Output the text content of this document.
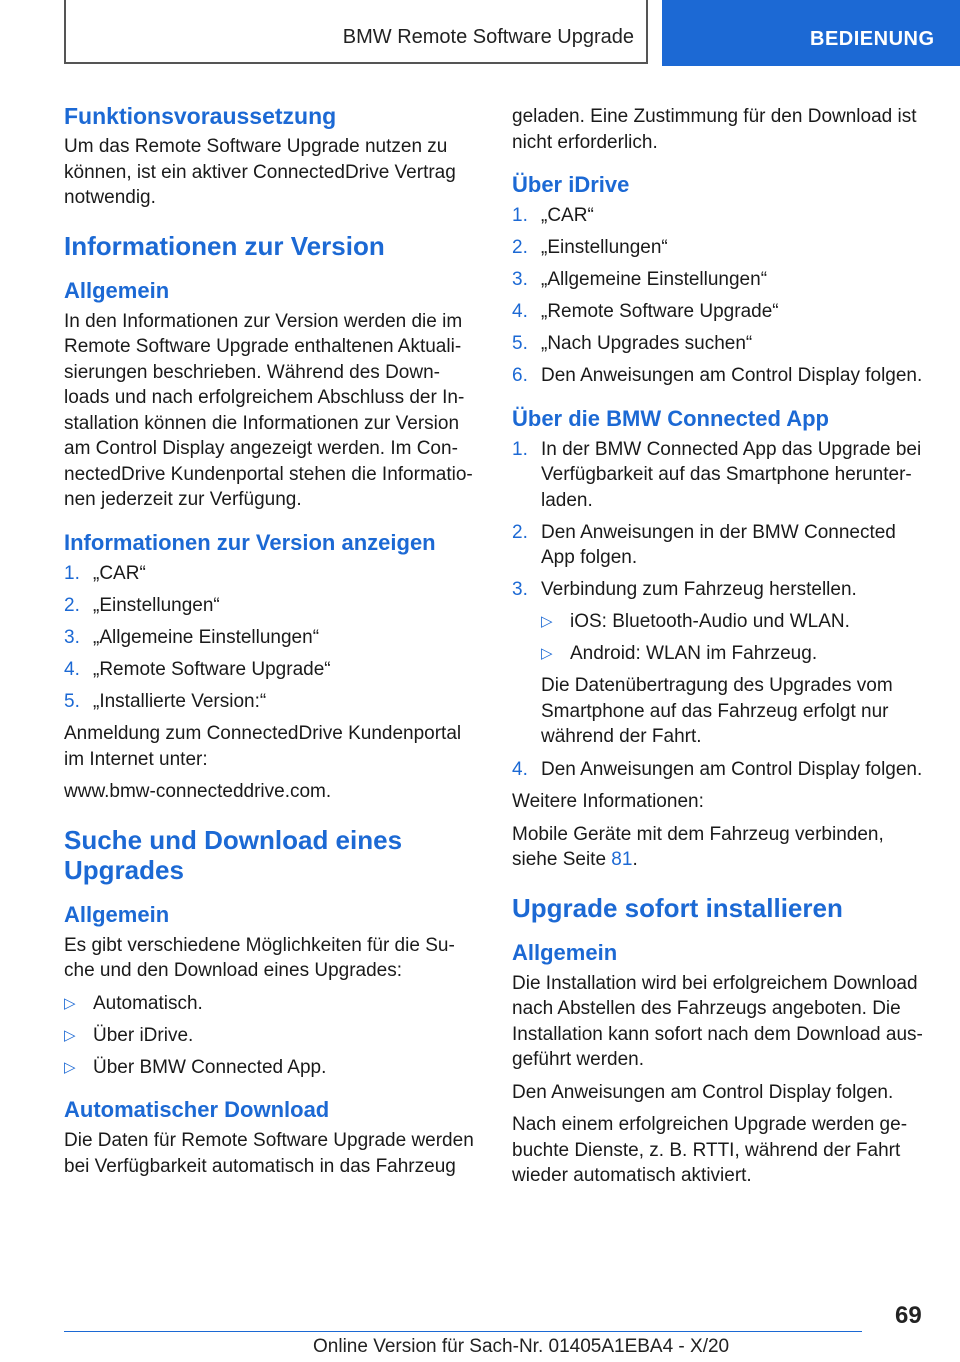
BMW Remote Software Upgrade	BEDIENUNG
Funktionsvoraussetzung

Um das Remote Software Upgrade nutzen zu können, ist ein aktiver ConnectedDrive Vertrag notwendig.

Informationen zur Version
Allgemein

In den Informationen zur Version werden die im Remote Software Upgrade enthaltenen Aktualisierungen beschrieben. Während des Downloads und nach erfolgreichem Abschluss der Installation können die Informationen zur Version am Control Display angezeigt werden. Im ConnectedDrive Kundenportal stehen die Informationen jederzeit zur Verfügung.

Informationen zur Version anzeigen
1. „CAR“
2. „Einstellungen“
3. „Allgemeine Einstellungen“
4. „Remote Software Upgrade“
5. „Installierte Version:“

Anmeldung zum ConnectedDrive Kundenportal im Internet unter:

www.bmw-connecteddrive.com.

Suche und Download eines Upgrades
Allgemein

Es gibt verschiedene Möglichkeiten für die Suche und den Download eines Upgrades:

▷ Automatisch.
▷ Über iDrive.
▷ Über BMW Connected App.
Automatischer Download

Die Daten für Remote Software Upgrade werden bei Verfügbarkeit automatisch in das Fahrzeug

geladen. Eine Zustimmung für den Download ist nicht erforderlich.

Über iDrive
1. „CAR“
2. „Einstellungen“
3. „Allgemeine Einstellungen“
4. „Remote Software Upgrade“
5. „Nach Upgrades suchen“
6. Den Anweisungen am Control Display folgen.
Über die BMW Connected App
1. In der BMW Connected App das Upgrade bei Verfügbarkeit auf das Smartphone herunterladen.
2. Den Anweisungen in der BMW Connected App folgen.
3. Verbindung zum Fahrzeug herstellen.
▷ iOS: Bluetooth-Audio und WLAN.
▷ Android: WLAN im Fahrzeug.

Die Datenübertragung des Upgrades vom Smartphone auf das Fahrzeug erfolgt nur während der Fahrt.

4. Den Anweisungen am Control Display folgen.

Weitere Informationen:

Mobile Geräte mit dem Fahrzeug verbinden, siehe Seite 81.

Upgrade sofort installieren
Allgemein

Die Installation wird bei erfolgreichem Download nach Abstellen des Fahrzeugs angeboten. Die Installation kann sofort nach dem Download ausgeführt werden.

Den Anweisungen am Control Display folgen.

Nach einem erfolgreichen Upgrade werden gebuchte Dienste, z. B. RTTI, während der Fahrt wieder automatisch aktiviert.

69
Online Version für Sach-Nr. 01405A1EBA4 - X/20
